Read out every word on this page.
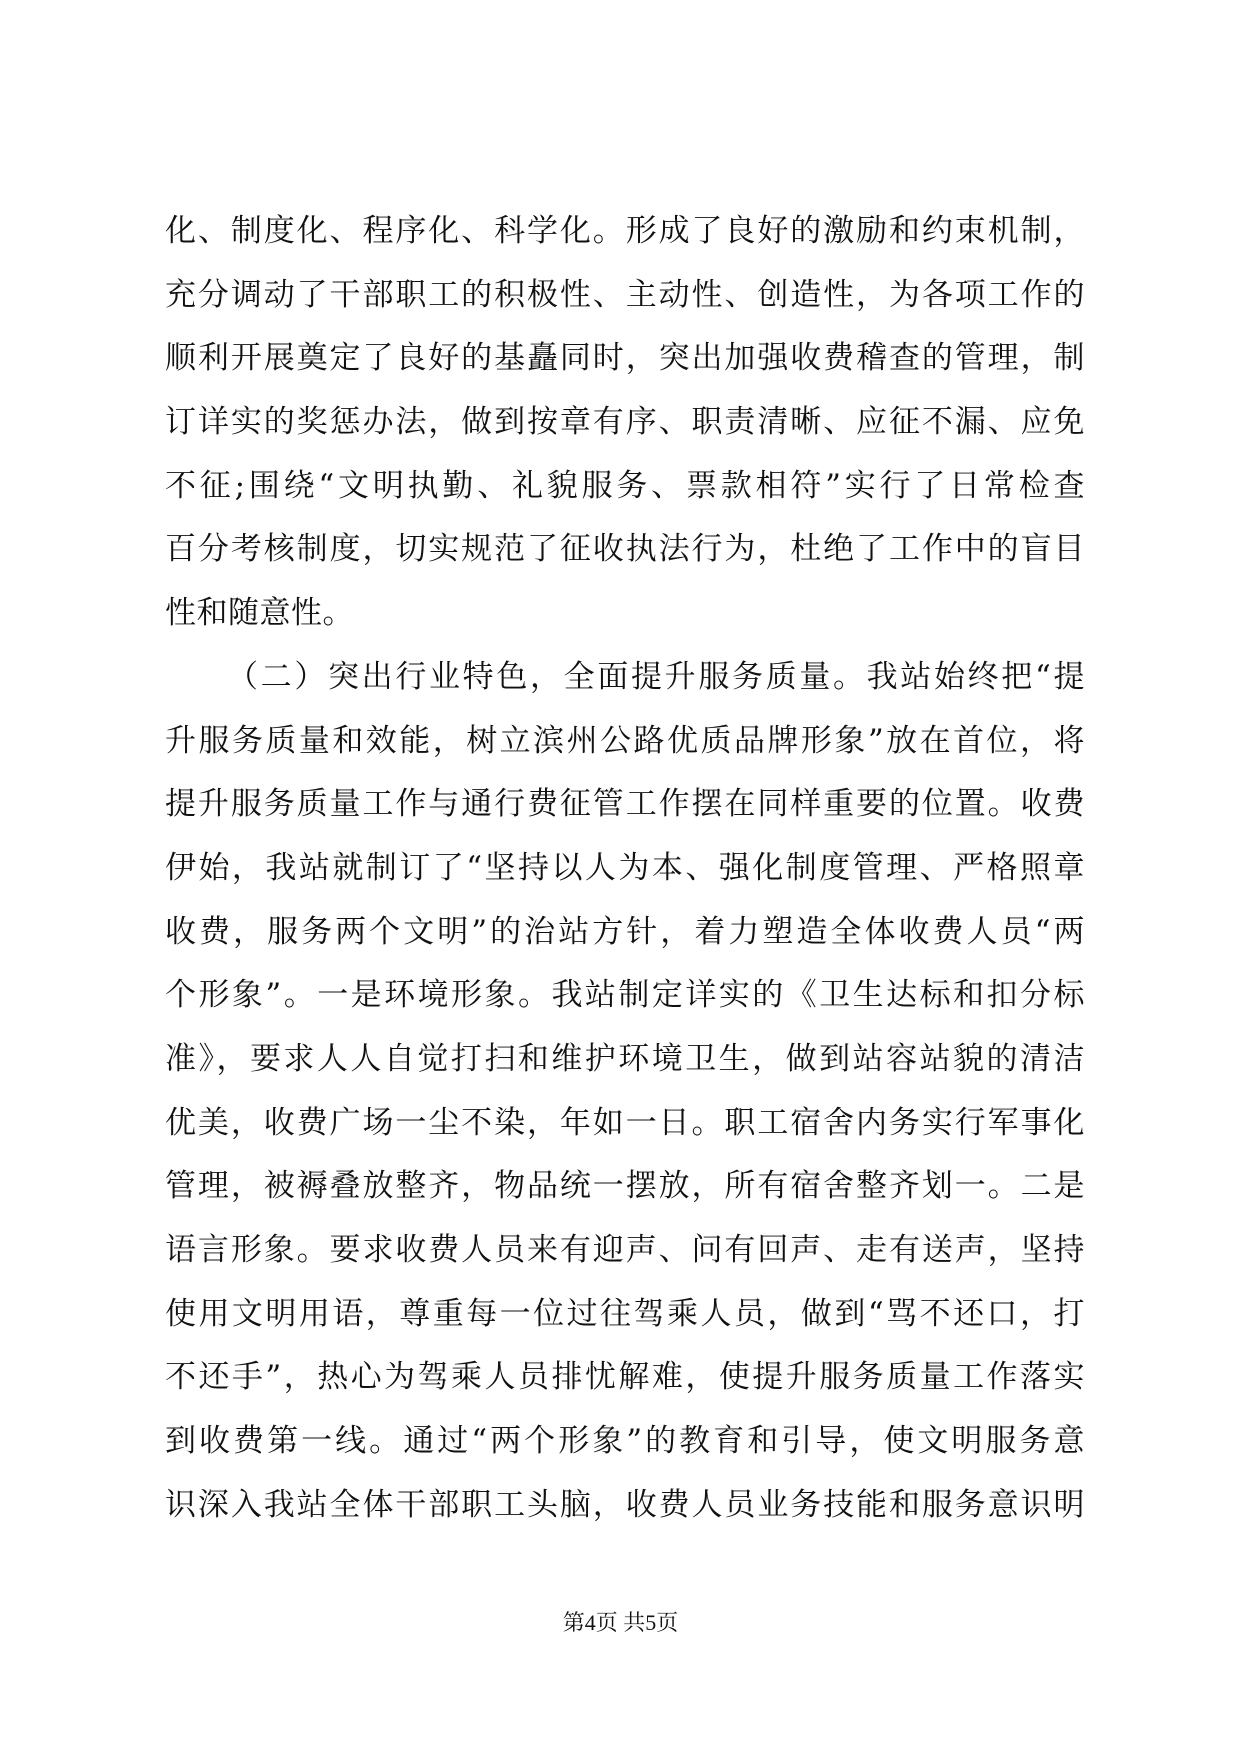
化、制度化、程序化、科学化。形成了良好的激励和约束机制，
充分调动了干部职工的积极性、主动性、创造性，为各项工作的
顺利开展奠定了良好的基矗同时，突出加强收费稽查的管理，制
订详实的奖惩办法，做到按章有序、职责清晰、应征不漏、应免
不征;围绕“文明执勤、礼貌服务、票款相符”实行了日常检查
百分考核制度，切实规范了征收执法行为，杜绝了工作中的盲目
性和随意性。
（二）突出行业特色，全面提升服务质量。我站始终把“提
升服务质量和效能，树立滨州公路优质品牌形象”放在首位，将
提升服务质量工作与通行费征管工作摆在同样重要的位置。收费
伊始，我站就制订了“坚持以人为本、强化制度管理、严格照章
收费，服务两个文明”的治站方针，着力塑造全体收费人员“两
个形象”。一是环境形象。我站制定详实的《卫生达标和扣分标
准》，要求人人自觉打扫和维护环境卫生，做到站容站貌的清洁
优美，收费广场一尘不染，年如一日。职工宿舍内务实行军事化
管理，被褥叠放整齐，物品统一摆放，所有宿舍整齐划一。二是
语言形象。要求收费人员来有迎声、问有回声、走有送声，坚持
使用文明用语，尊重每一位过往驾乘人员，做到“骂不还口，打
不还手”，热心为驾乘人员排忧解难，使提升服务质量工作落实
到收费第一线。通过“两个形象”的教育和引导，使文明服务意
识深入我站全体干部职工头脑，收费人员业务技能和服务意识明
第4页 共5页
